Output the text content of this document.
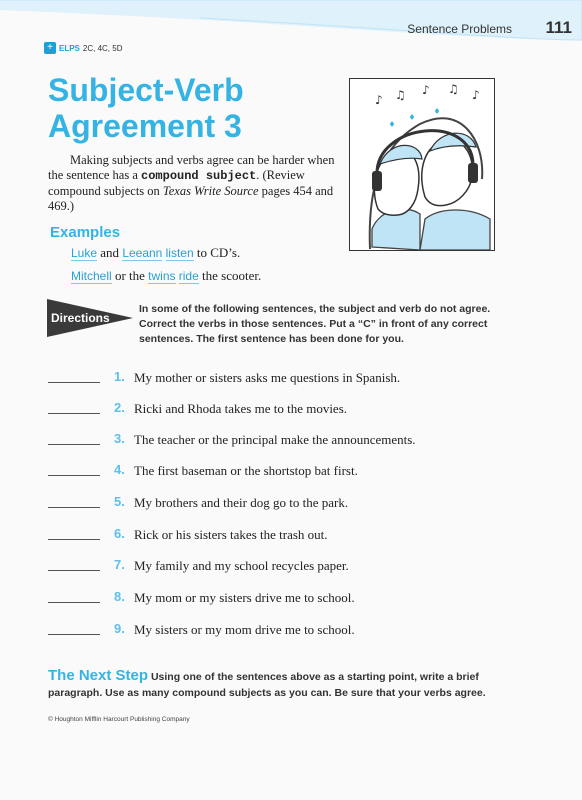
Sentence Problems 111
+ ELPS 2C, 4C, 5D
Subject-Verb
Agreement 3
Making subjects and verbs agree can be harder when the sentence has a compound subject. (Review compound subjects on Texas Write Source pages 454 and 469.)
♪ ♫ ♪ ♫ ♪
Examples
Luke and Leeann listen to CD’s.
Mitchell or the twins ride the scooter.
Directions
In some of the following sentences, the subject and verb do not agree. Correct the verbs in those sentences. Put a “C” in front of any correct sentences. The first sentence has been done for you.
1. My mother or sisters asks me questions in Spanish.
2. Ricki and Rhoda takes me to the movies.
3. The teacher or the principal make the announcements.
4. The first baseman or the shortstop bat first.
5. My brothers and their dog go to the park.
6. Rick or his sisters takes the trash out.
7. My family and my school recycles paper.
8. My mom or my sisters drive me to school.
9. My sisters or my mom drive me to school.
The Next Step Using one of the sentences above as a starting point, write a brief paragraph. Use as many compound subjects as you can. Be sure that your verbs agree.
© Houghton Mifflin Harcourt Publishing Company
